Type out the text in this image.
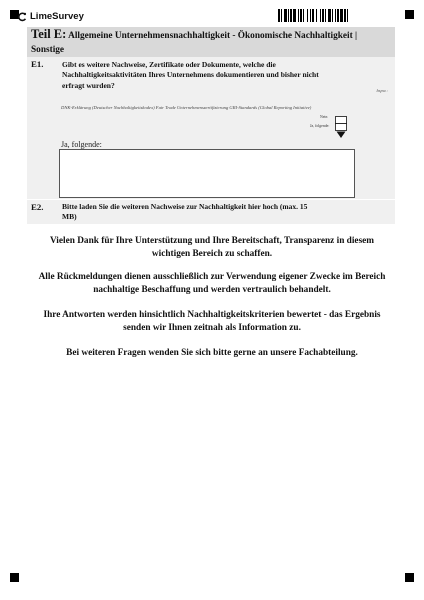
LimeSurvey
Teil E: Allgemeine Unternehmensnachhaltigkeit - Ökonomische Nachhaltigkeit | Sonstige
E1. Gibt es weitere Nachweise, Zertifikate oder Dokumente, welche die Nachhaltigkeitsaktivitäten Ihres Unternehmens dokumentieren und bisher nicht erfragt wurden?
bspw.:
DNK-Erklärung (Deutscher Nachhaltigkeitskodex) Fair Trade Unternehmenszertifizierung GRI-Standards (Global Reporting Initiative)
Nein
Ja, folgende:
Ja, folgende:
E2. Bitte laden Sie die weiteren Nachweise zur Nachhaltigkeit hier hoch (max. 15 MB)
Vielen Dank für Ihre Unterstützung und Ihre Bereitschaft, Transparenz in diesem wichtigen Bereich zu schaffen.
Alle Rückmeldungen dienen ausschließlich zur Verwendung eigener Zwecke im Bereich nachhaltige Beschaffung und werden vertraulich behandelt.
Ihre Antworten werden hinsichtlich Nachhaltigkeitskriterien bewertet - das Ergebnis senden wir Ihnen zeitnah als Information zu.
Bei weiteren Fragen wenden Sie sich bitte gerne an unsere Fachabteilung.
